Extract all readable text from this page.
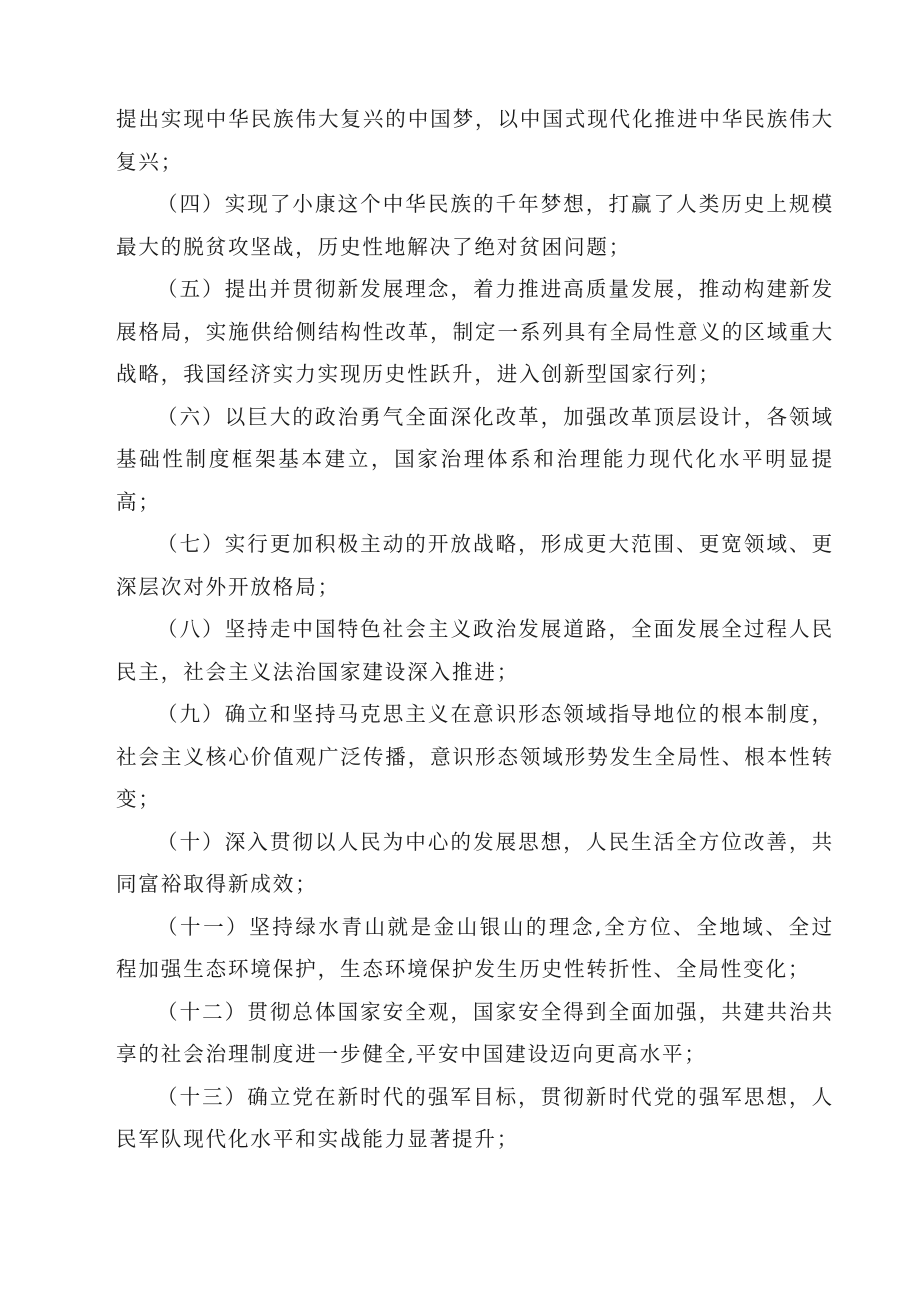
提出实现中华民族伟大复兴的中国梦，以中国式现代化推进中华民族伟大复兴；

（四）实现了小康这个中华民族的千年梦想，打赢了人类历史上规模最大的脱贫攻坚战，历史性地解决了绝对贫困问题；

（五）提出并贯彻新发展理念，着力推进高质量发展，推动构建新发展格局，实施供给侧结构性改革，制定一系列具有全局性意义的区域重大战略，我国经济实力实现历史性跃升，进入创新型国家行列；

（六）以巨大的政治勇气全面深化改革，加强改革顶层设计，各领域基础性制度框架基本建立，国家治理体系和治理能力现代化水平明显提高；

（七）实行更加积极主动的开放战略，形成更大范围、更宽领域、更深层次对外开放格局；

（八）坚持走中国特色社会主义政治发展道路，全面发展全过程人民民主，社会主义法治国家建设深入推进；

（九）确立和坚持马克思主义在意识形态领域指导地位的根本制度，社会主义核心价值观广泛传播，意识形态领域形势发生全局性、根本性转变；

（十）深入贯彻以人民为中心的发展思想，人民生活全方位改善，共同富裕取得新成效；

（十一）坚持绿水青山就是金山银山的理念,全方位、全地域、全过程加强生态环境保护，生态环境保护发生历史性转折性、全局性变化；

（十二）贯彻总体国家安全观，国家安全得到全面加强，共建共治共享的社会治理制度进一步健全,平安中国建设迈向更高水平；

（十三）确立党在新时代的强军目标，贯彻新时代党的强军思想，人民军队现代化水平和实战能力显著提升；
